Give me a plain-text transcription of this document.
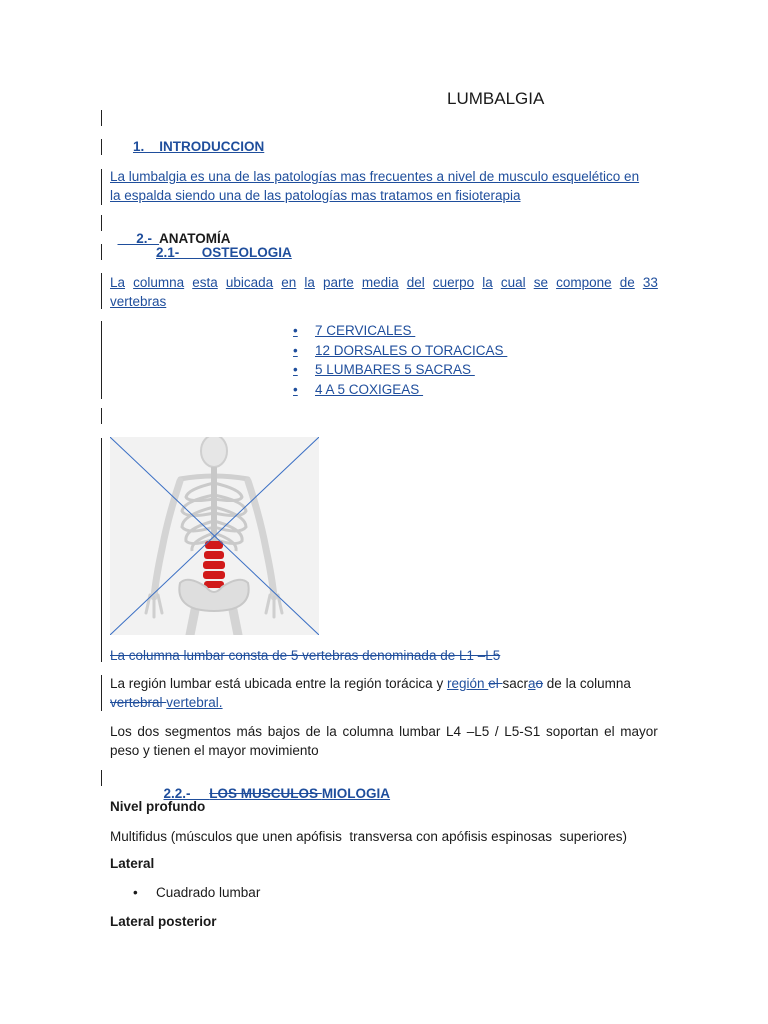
LUMBALGIA
1.    INTRODUCCION
La lumbalgia es una de las patologías mas frecuentes a nivel de musculo esquelético en
la espalda siendo una de las patologías mas tratamos en fisioterapia

2.-  ANATOMÍA

2.1-      OSTEOLOGIA
La columna esta ubicada en la parte media del cuerpo la cual se compone de 33
vertebras
• 7 CERVICALES
• 12 DORSALES O TORACICAS
• 5 LUMBARES 5 SACRAS
• 4 A 5 COXIGEAS
La columna lumbar consta de 5 vertebras denominada de L1 –L5
La región lumbar está ubicada entre la región torácica y región el sacrao de la columna
vertebral vertebral.
Los dos segmentos más bajos de la columna lumbar L4 –L5 / L5-S1 soportan el mayor
peso y tienen el mayor movimiento

2.2.-     LOS MUSCULOS MIOLOGIA

Nivel profundo
Multifidus (músculos que unen apófisis  transversa con apófisis espinosas  superiores)
Lateral
• Cuadrado lumbar
Lateral posterior
